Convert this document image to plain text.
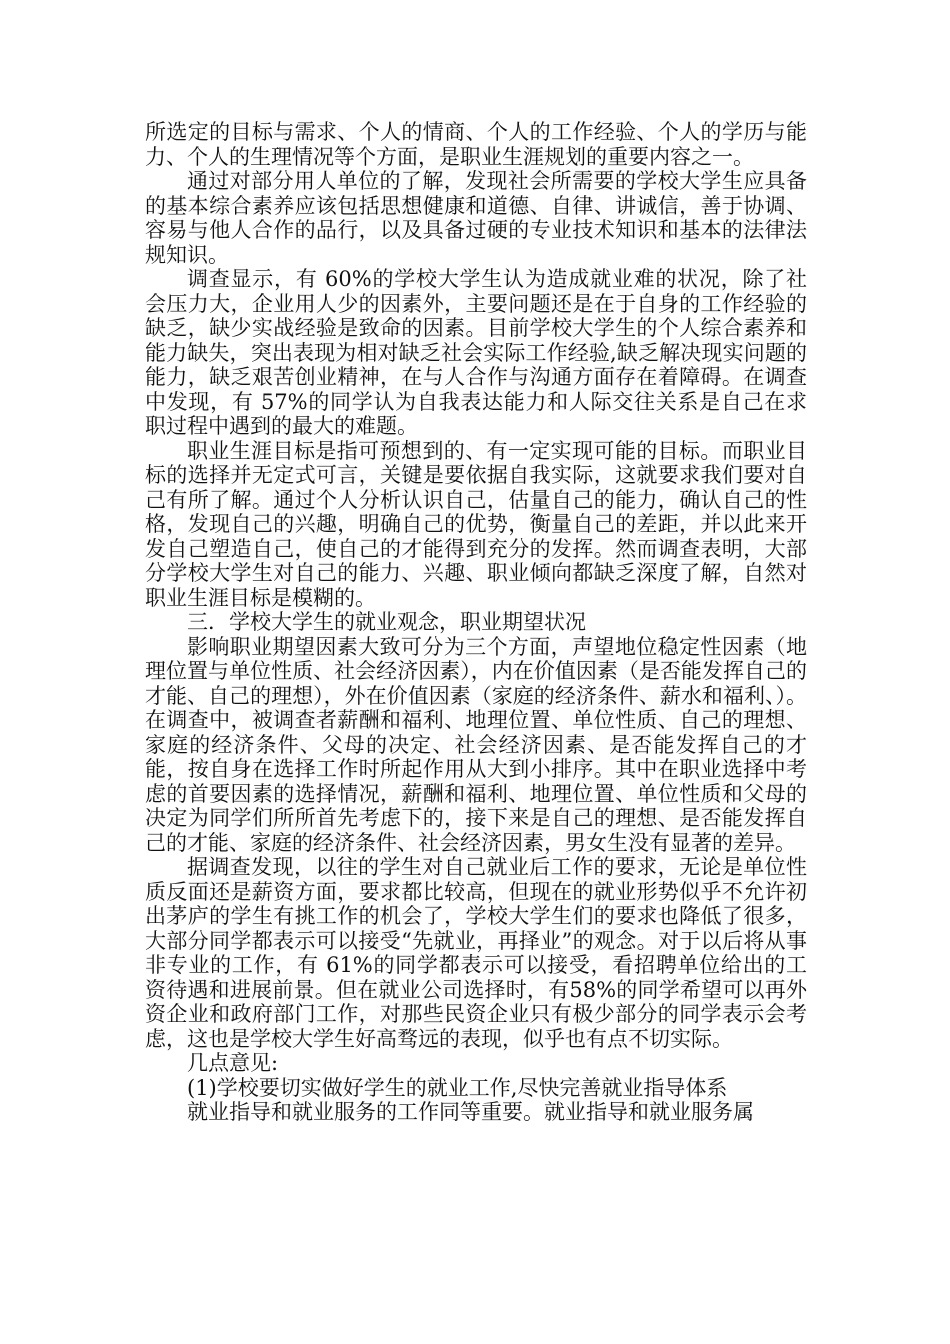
所选定的目标与需求、个人的情商、个人的工作经验、个人的学历与能力、个人的生理情况等个方面，是职业生涯规划的重要内容之一。

通过对部分用人单位的了解，发现社会所需要的学校大学生应具备的基本综合素养应该包括思想健康和道德、自律、讲诚信，善于协调、容易与他人合作的品行，以及具备过硬的专业技术知识和基本的法律法规知识。

调查显示，有 60%的学校大学生认为造成就业难的状况，除了社会压力大，企业用人少的因素外，主要问题还是在于自身的工作经验的缺乏，缺少实战经验是致命的因素。目前学校大学生的个人综合素养和能力缺失，突出表现为相对缺乏社会实际工作经验,缺乏解决现实问题的能力，缺乏艰苦创业精神，在与人合作与沟通方面存在着障碍。在调查中发现，有 57%的同学认为自我表达能力和人际交往关系是自己在求职过程中遇到的最大的难题。

职业生涯目标是指可预想到的、有一定实现可能的目标。而职业目标的选择并无定式可言，关键是要依据自我实际，这就要求我们要对自己有所了解。通过个人分析认识自己，估量自己的能力，确认自己的性格，发现自己的兴趣，明确自己的优势，衡量自己的差距，并以此来开发自己塑造自己，使自己的才能得到充分的发挥。然而调查表明，大部分学校大学生对自己的能力、兴趣、职业倾向都缺乏深度了解，自然对职业生涯目标是模糊的。

三．学校大学生的就业观念，职业期望状况

影响职业期望因素大致可分为三个方面，声望地位稳定性因素（地理位置与单位性质、社会经济因素），内在价值因素（是否能发挥自己的才能、自己的理想），外在价值因素（家庭的经济条件、薪水和福利、）。在调查中，被调查者薪酬和福利、地理位置、单位性质、自己的理想、家庭的经济条件、父母的决定、社会经济因素、是否能发挥自己的才能，按自身在选择工作时所起作用从大到小排序。其中在职业选择中考虑的首要因素的选择情况，薪酬和福利、地理位置、单位性质和父母的决定为同学们所所首先考虑下的，接下来是自己的理想、是否能发挥自己的才能、家庭的经济条件、社会经济因素，男女生没有显著的差异。

据调查发现，以往的学生对自己就业后工作的要求，无论是单位性质反面还是薪资方面，要求都比较高，但现在的就业形势似乎不允许初出茅庐的学生有挑工作的机会了，学校大学生们的要求也降低了很多，大部分同学都表示可以接受“先就业，再择业”的观念。对于以后将从事非专业的工作，有 61%的同学都表示可以接受，看招聘单位给出的工资待遇和进展前景。但在就业公司选择时，有58%的同学希望可以再外资企业和政府部门工作，对那些民资企业只有极少部分的同学表示会考虑，这也是学校大学生好高骛远的表现，似乎也有点不切实际。

几点意见:

(1)学校要切实做好学生的就业工作,尽快完善就业指导体系

就业指导和就业服务的工作同等重要。就业指导和就业服务属
